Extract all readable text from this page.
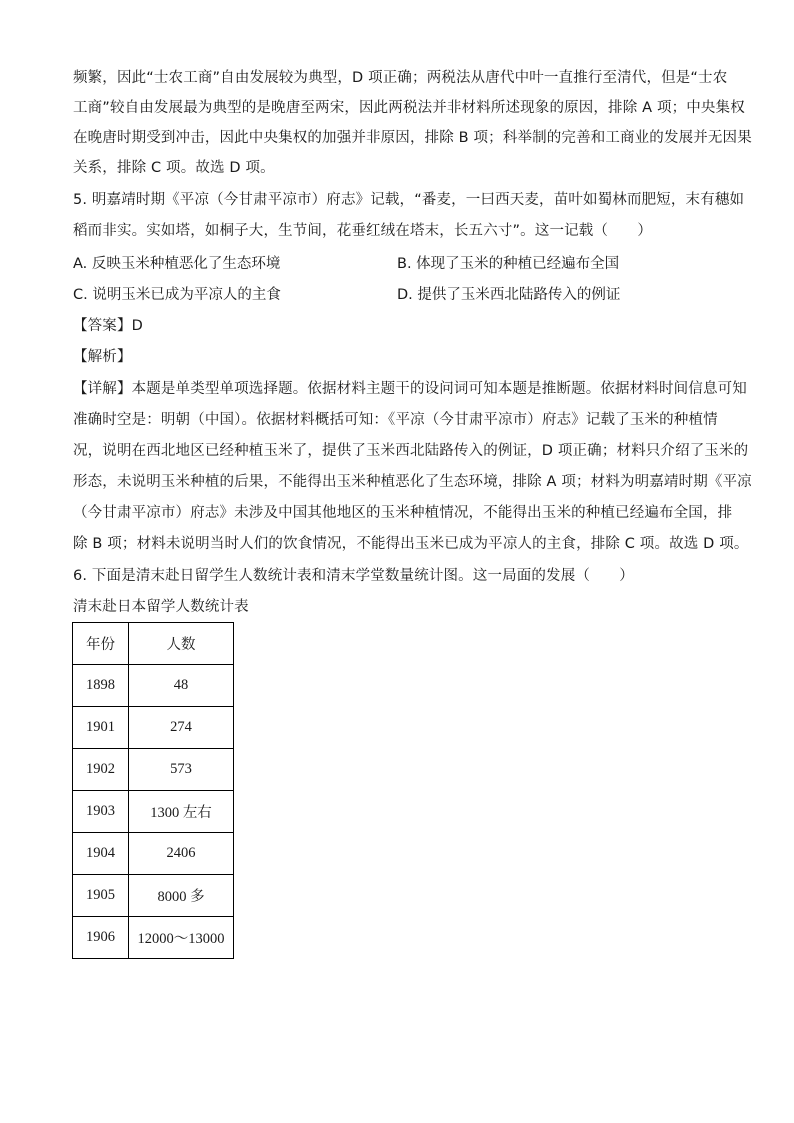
频繁，因此“士农工商”自由发展较为典型，D 项正确；两税法从唐代中叶一直推行至清代，但是“士农
工商”较自由发展最为典型的是晚唐至两宋，因此两税法并非材料所述现象的原因，排除 A 项；中央集权
在晚唐时期受到冲击，因此中央集权的加强并非原因，排除 B 项；科举制的完善和工商业的发展并无因果
关系，排除 C 项。故选 D 项。
5. 明嘉靖时期《平凉（今甘肃平凉市）府志》记载，“番麦，一曰西天麦，苗叶如蜀林而肥短，末有穗如
稻而非实。实如塔，如桐子大，生节间，花垂红绒在塔末，长五六寸”。这一记载（　　）
A. 反映玉米种植恶化了生态环境	B. 体现了玉米的种植已经遍布全国
C. 说明玉米已成为平凉人的主食	D. 提供了玉米西北陆路传入的例证
【答案】D
【解析】
【详解】本题是单类型单项选择题。依据材料主题干的设问词可知本题是推断题。依据材料时间信息可知
准确时空是：明朝（中国）。依据材料概括可知：《平凉（今甘肃平凉市）府志》记载了玉米的种植情
况，说明在西北地区已经种植玉米了，提供了玉米西北陆路传入的例证，D 项正确；材料只介绍了玉米的
形态，未说明玉米种植的后果，不能得出玉米种植恶化了生态环境，排除 A 项；材料为明嘉靖时期《平凉
（今甘肃平凉市）府志》未涉及中国其他地区的玉米种植情况，不能得出玉米的种植已经遍布全国，排
除 B 项；材料未说明当时人们的饮食情况，不能得出玉米已成为平凉人的主食，排除 C 项。故选 D 项。
6. 下面是清末赴日留学生人数统计表和清末学堂数量统计图。这一局面的发展（　　）
清末赴日本留学人数统计表
年份	人数
1898	48
1901	274
1902	573
1903	1300 左右
1904	2406
1905	8000 多
1906	12000～13000
